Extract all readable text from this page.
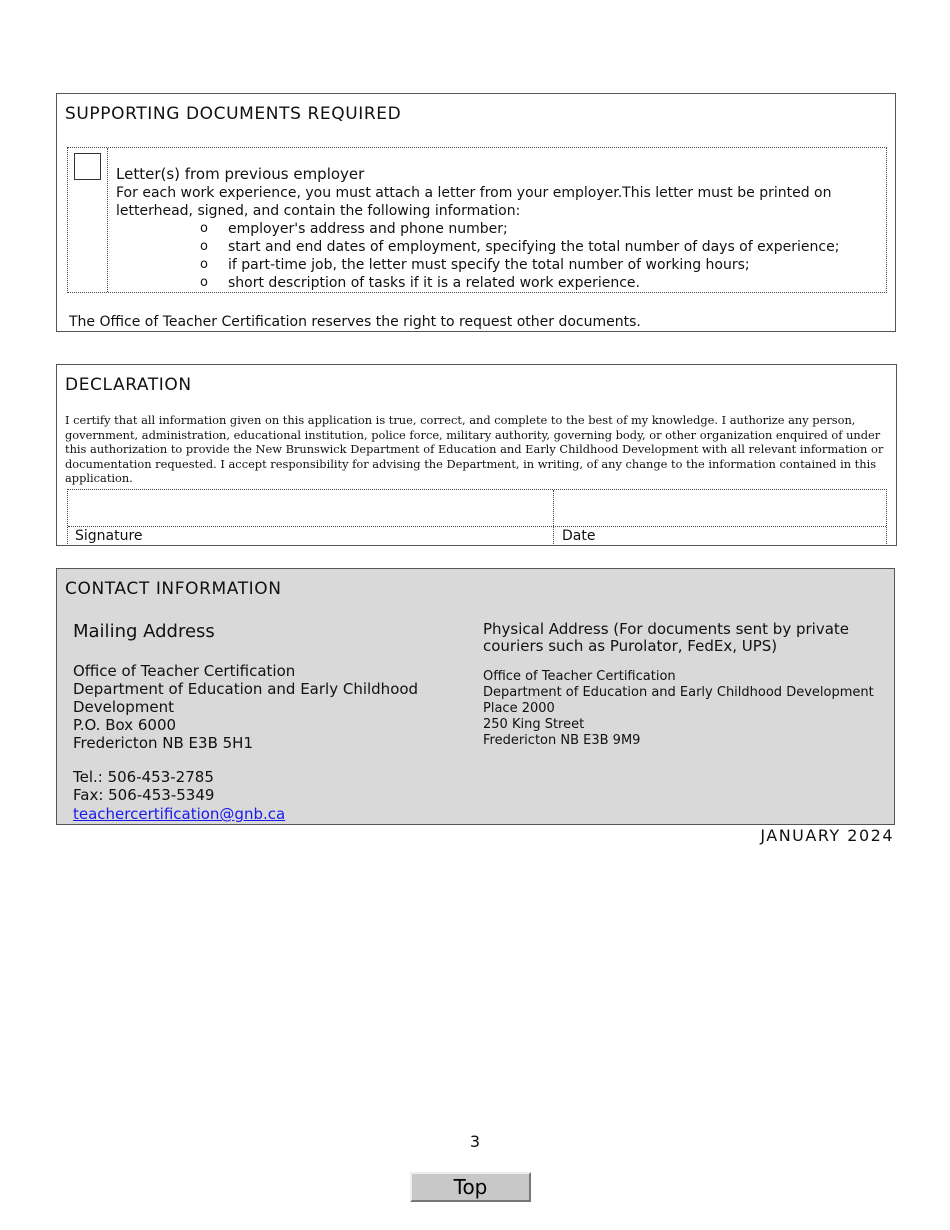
SUPPORTING DOCUMENTS REQUIRED
Letter(s) from previous employer
For each work experience, you must attach a letter from your employer.This letter must be printed on letterhead, signed, and contain the following information:
o employer's address and phone number;
o start and end dates of employment, specifying the total number of days of experience;
o if part-time job, the letter must specify the total number of working hours;
o short description of tasks if it is a related work experience.
The Office of Teacher Certification reserves the right to request other documents.
DECLARATION
I certify that all information given on this application is true, correct, and complete to the best of my knowledge. I authorize any person, government, administration, educational institution, police force, military authority, governing body, or other organization enquired of under this authorization to provide the New Brunswick Department of Education and Early Childhood Development with all relevant information or documentation requested. I accept responsibility for advising the Department, in writing, of any change to the information contained in this application.
Signature	Date
CONTACT INFORMATION
Mailing Address
Office of Teacher Certification
Department of Education and Early Childhood Development
P.O. Box 6000
Fredericton NB E3B 5H1
Tel.: 506-453-2785
Fax: 506-453-5349
teachercertification@gnb.ca
Physical Address (For documents sent by private couriers such as Purolator, FedEx, UPS)
Office of Teacher Certification
Department of Education and Early Childhood Development
Place 2000
250 King Street
Fredericton NB E3B 9M9
JANUARY 2024
3
Top
